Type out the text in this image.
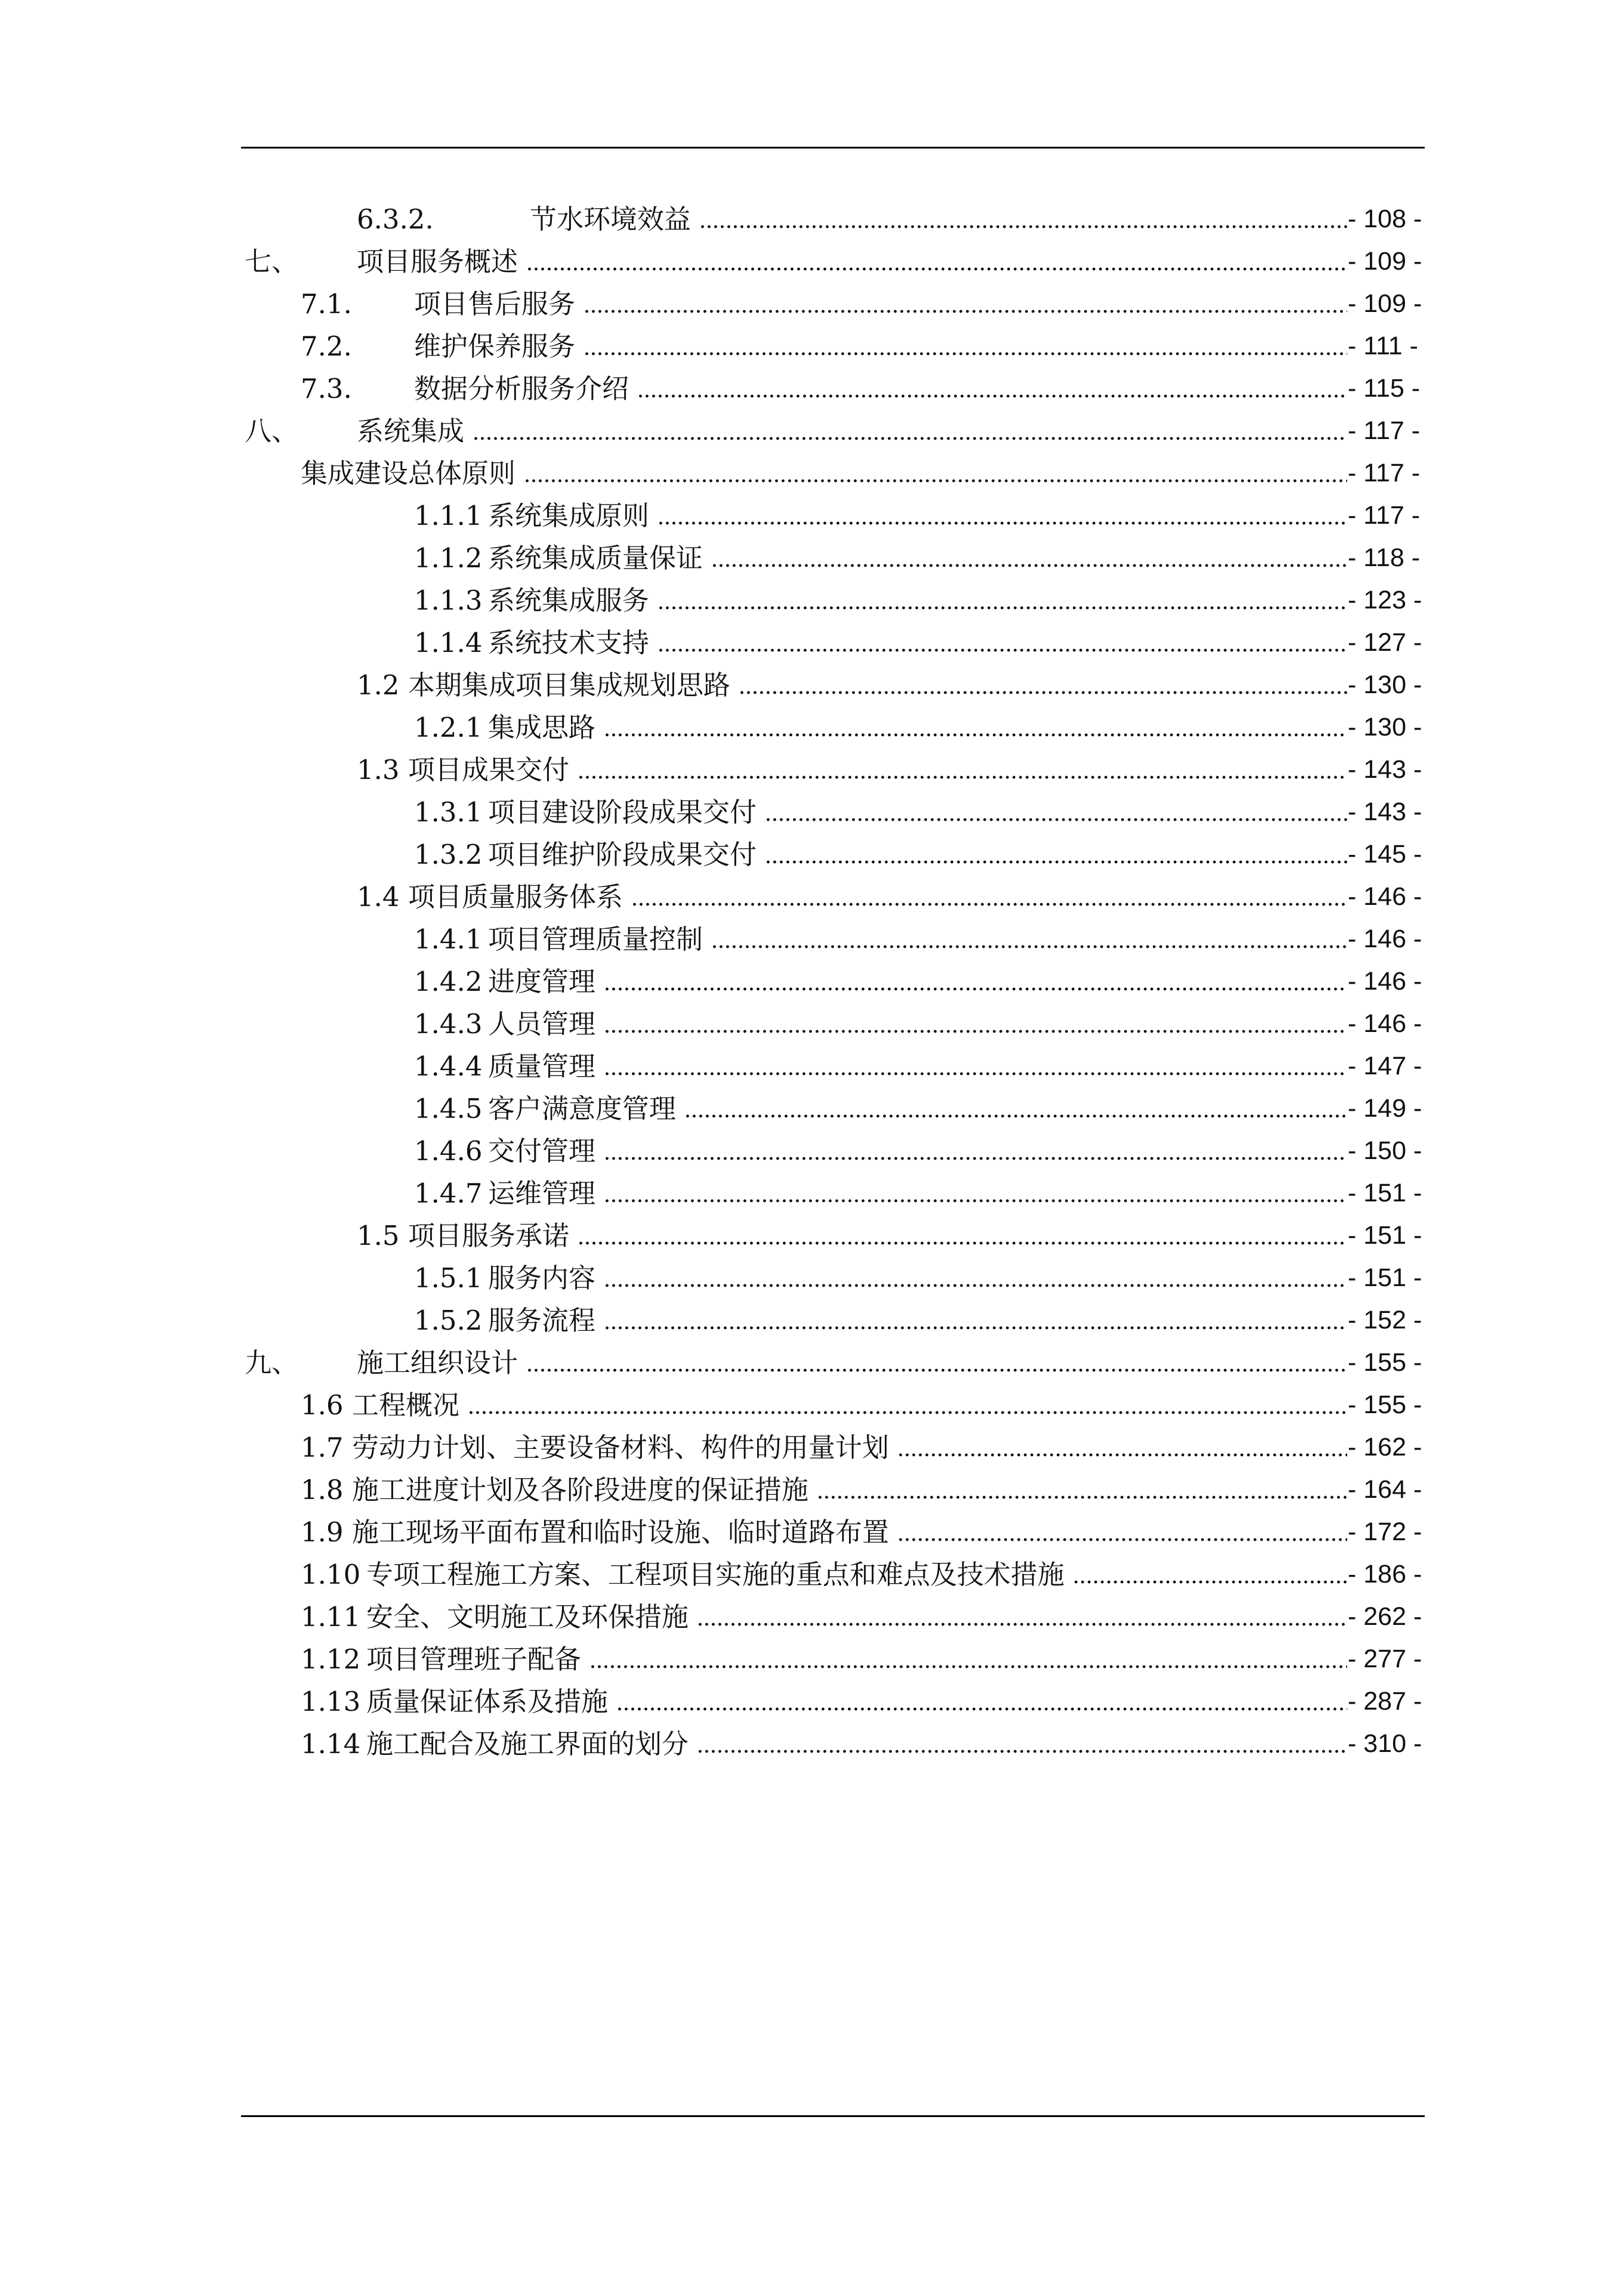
6.3.2.	节水环境效益	- 108 -
七、 项目服务概述	- 109 -
7.1. 项目售后服务	- 109 -
7.2. 维护保养服务	- 111 -
7.3. 数据分析服务介绍	- 115 -
八、 系统集成	- 117 -
集成建设总体原则	- 117 -
1.1.1 系统集成原则	- 117 -
1.1.2 系统集成质量保证	- 118 -
1.1.3 系统集成服务	- 123 -
1.1.4 系统技术支持	- 127 -
1.2 本期集成项目集成规划思路	- 130 -
1.2.1 集成思路	- 130 -
1.3 项目成果交付	- 143 -
1.3.1 项目建设阶段成果交付	- 143 -
1.3.2 项目维护阶段成果交付	- 145 -
1.4 项目质量服务体系	- 146 -
1.4.1 项目管理质量控制	- 146 -
1.4.2 进度管理	- 146 -
1.4.3 人员管理	- 146 -
1.4.4 质量管理	- 147 -
1.4.5 客户满意度管理	- 149 -
1.4.6 交付管理	- 150 -
1.4.7 运维管理	- 151 -
1.5 项目服务承诺	- 151 -
1.5.1 服务内容	- 151 -
1.5.2 服务流程	- 152 -
九、 施工组织设计	- 155 -
1.6 工程概况	- 155 -
1.7 劳动力计划、主要设备材料、构件的用量计划	- 162 -
1.8 施工进度计划及各阶段进度的保证措施	- 164 -
1.9 施工现场平面布置和临时设施、临时道路布置	- 172 -
1.10 专项工程施工方案、工程项目实施的重点和难点及技术措施	- 186 -
1.11 安全、文明施工及环保措施	- 262 -
1.12 项目管理班子配备	- 277 -
1.13 质量保证体系及措施	- 287 -
1.14 施工配合及施工界面的划分	- 310 -
